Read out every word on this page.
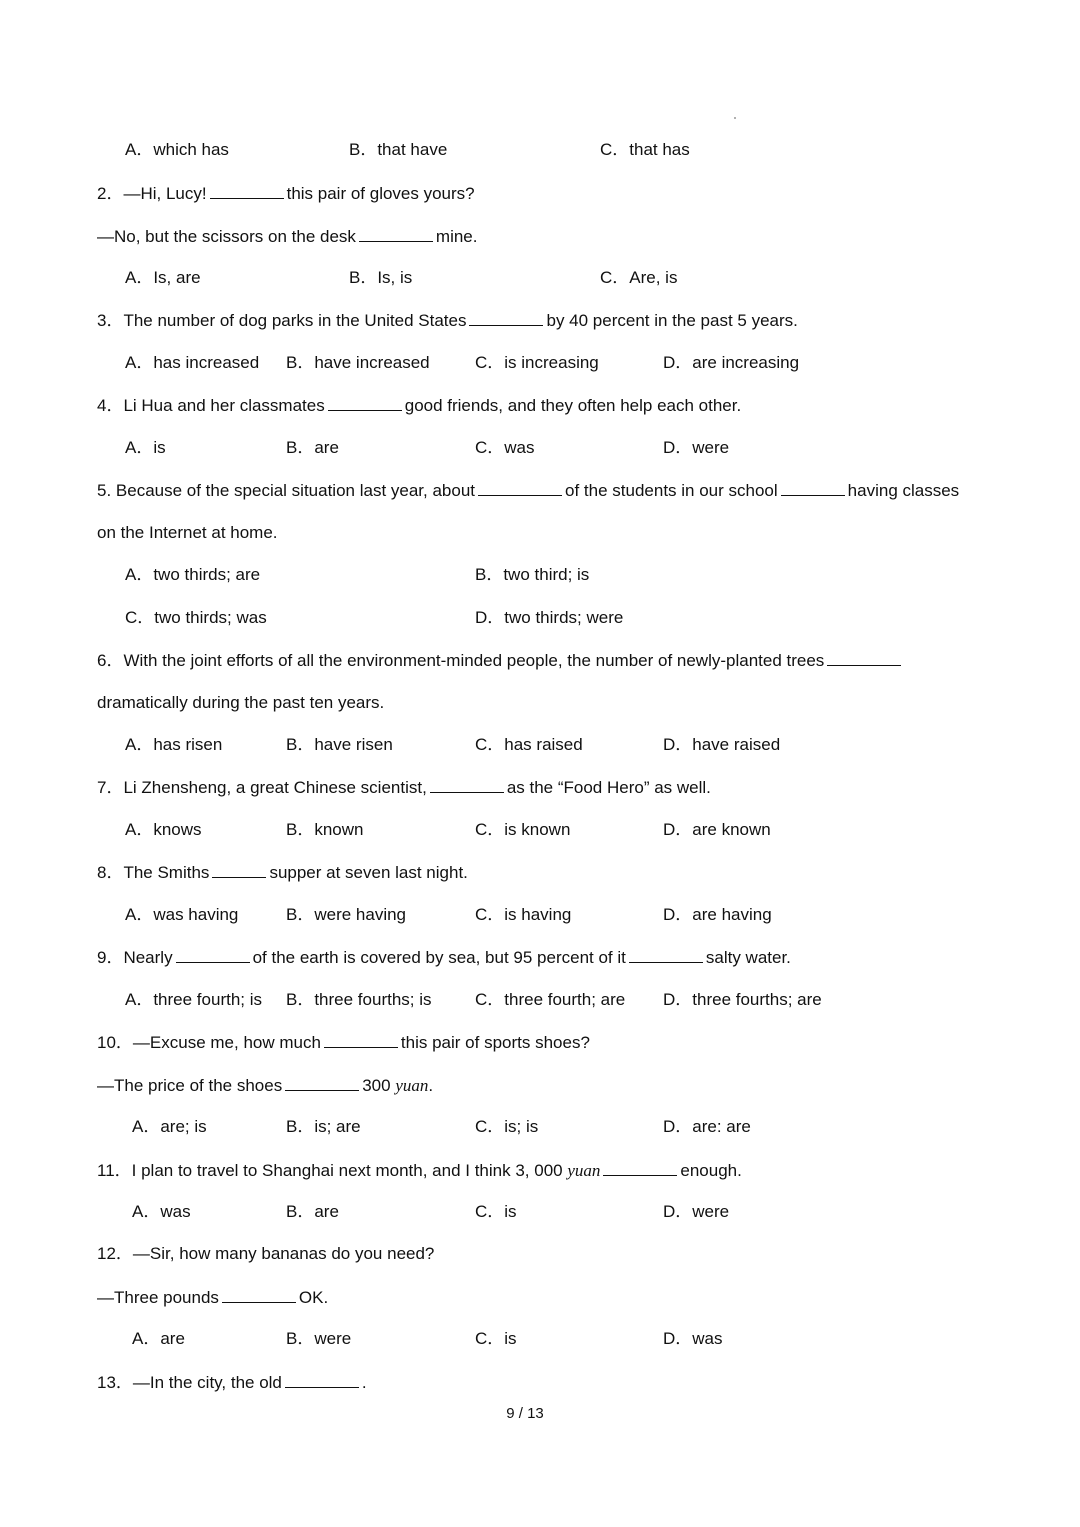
A．which has	B．that have	C．that has
2．—Hi, Lucy!	this pair of gloves yours?
—No, but the scissors on the desk	mine.
A．Is, are	B．Is, is	C．Are, is
3．The number of dog parks in the United States	by 40 percent in the past 5 years.
A．has increased B．have increased	C．is increasing	D．are increasing
4．Li Hua and her classmates	good friends, and they often help each other.
A．is	B．are	C．was	D．were
5. Because of the special situation last year, about	of the students in our school	having classes
on the Internet at home.
A．two thirds; are	B．two third; is
C．two thirds; was	D．two thirds; were
6．With the joint efforts of all the environment-minded people, the number of newly-planted trees
dramatically during the past ten years.
A．has risen	B．have risen	C．has raised	D．have raised
7．Li Zhensheng, a great Chinese scientist,	as the “Food Hero” as well.
A．knows	B．known	C．is known	D．are known
8．The Smiths	supper at seven last night.
A．was having	B．were having	C．is having	D．are having
9．Nearly	of the earth is covered by sea, but 95 percent of it	salty water.
A．three fourth; is B．three fourths; is	C．three fourth; are D．three fourths; are
10．—Excuse me, how much	this pair of sports shoes?
—The price of the shoes	300 yuan.
A．are; is	B．is; are	C．is; is	D．are: are
11．I plan to travel to Shanghai next month, and I think 3, 000 yuan	enough.
A．was	B．are	C．is	D．were
12．—Sir, how many bananas do you need?
—Three pounds	OK.
A．are	B．were	C．is	D．was
13．—In the city, the old	.
9 / 13
